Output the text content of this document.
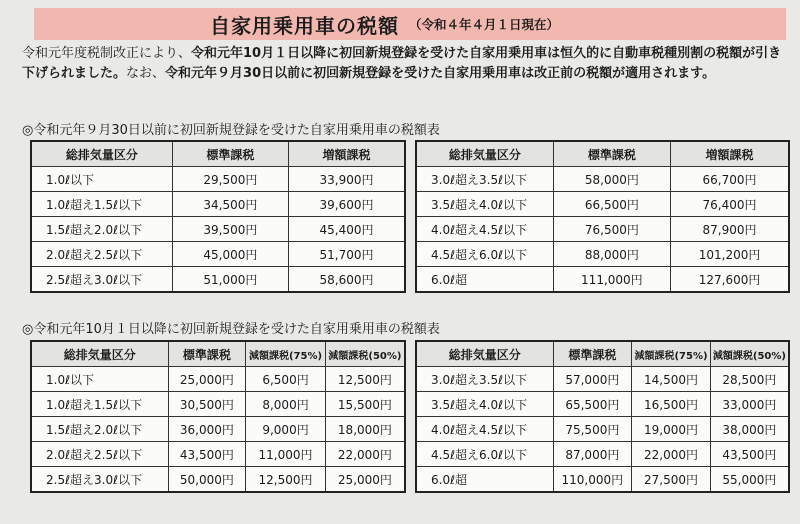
自家用乗用車の税額 （令和４年４月１日現在）

令和元年度税制改正により、令和元年10月１日以降に初回新規登録を受けた自家用乗用車は恒久的に自動車税種別割の税額が引き下げられました。なお、令和元年９月30日以前に初回新規登録を受けた自家用乗用車は改正前の税額が適用されます。

◎令和元年９月30日以前に初回新規登録を受けた自家用乗用車の税額表
総排気量区分	標準課税	増額課税
1.0ℓ以下	29,500円	33,900円
1.0ℓ超え1.5ℓ以下	34,500円	39,600円
1.5ℓ超え2.0ℓ以下	39,500円	45,400円
2.0ℓ超え2.5ℓ以下	45,000円	51,700円
2.5ℓ超え3.0ℓ以下	51,000円	58,600円
総排気量区分	標準課税	増額課税
3.0ℓ超え3.5ℓ以下	58,000円	66,700円
3.5ℓ超え4.0ℓ以下	66,500円	76,400円
4.0ℓ超え4.5ℓ以下	76,500円	87,900円
4.5ℓ超え6.0ℓ以下	88,000円	101,200円
6.0ℓ超	111,000円	127,600円
◎令和元年10月１日以降に初回新規登録を受けた自家用乗用車の税額表
総排気量区分	標準課税	減額課税(75%)	減額課税(50%)
1.0ℓ以下	25,000円	6,500円	12,500円
1.0ℓ超え1.5ℓ以下	30,500円	8,000円	15,500円
1.5ℓ超え2.0ℓ以下	36,000円	9,000円	18,000円
2.0ℓ超え2.5ℓ以下	43,500円	11,000円	22,000円
2.5ℓ超え3.0ℓ以下	50,000円	12,500円	25,000円
総排気量区分	標準課税	減額課税(75%)	減額課税(50%)
3.0ℓ超え3.5ℓ以下	57,000円	14,500円	28,500円
3.5ℓ超え4.0ℓ以下	65,500円	16,500円	33,000円
4.0ℓ超え4.5ℓ以下	75,500円	19,000円	38,000円
4.5ℓ超え6.0ℓ以下	87,000円	22,000円	43,500円
6.0ℓ超	110,000円	27,500円	55,000円
